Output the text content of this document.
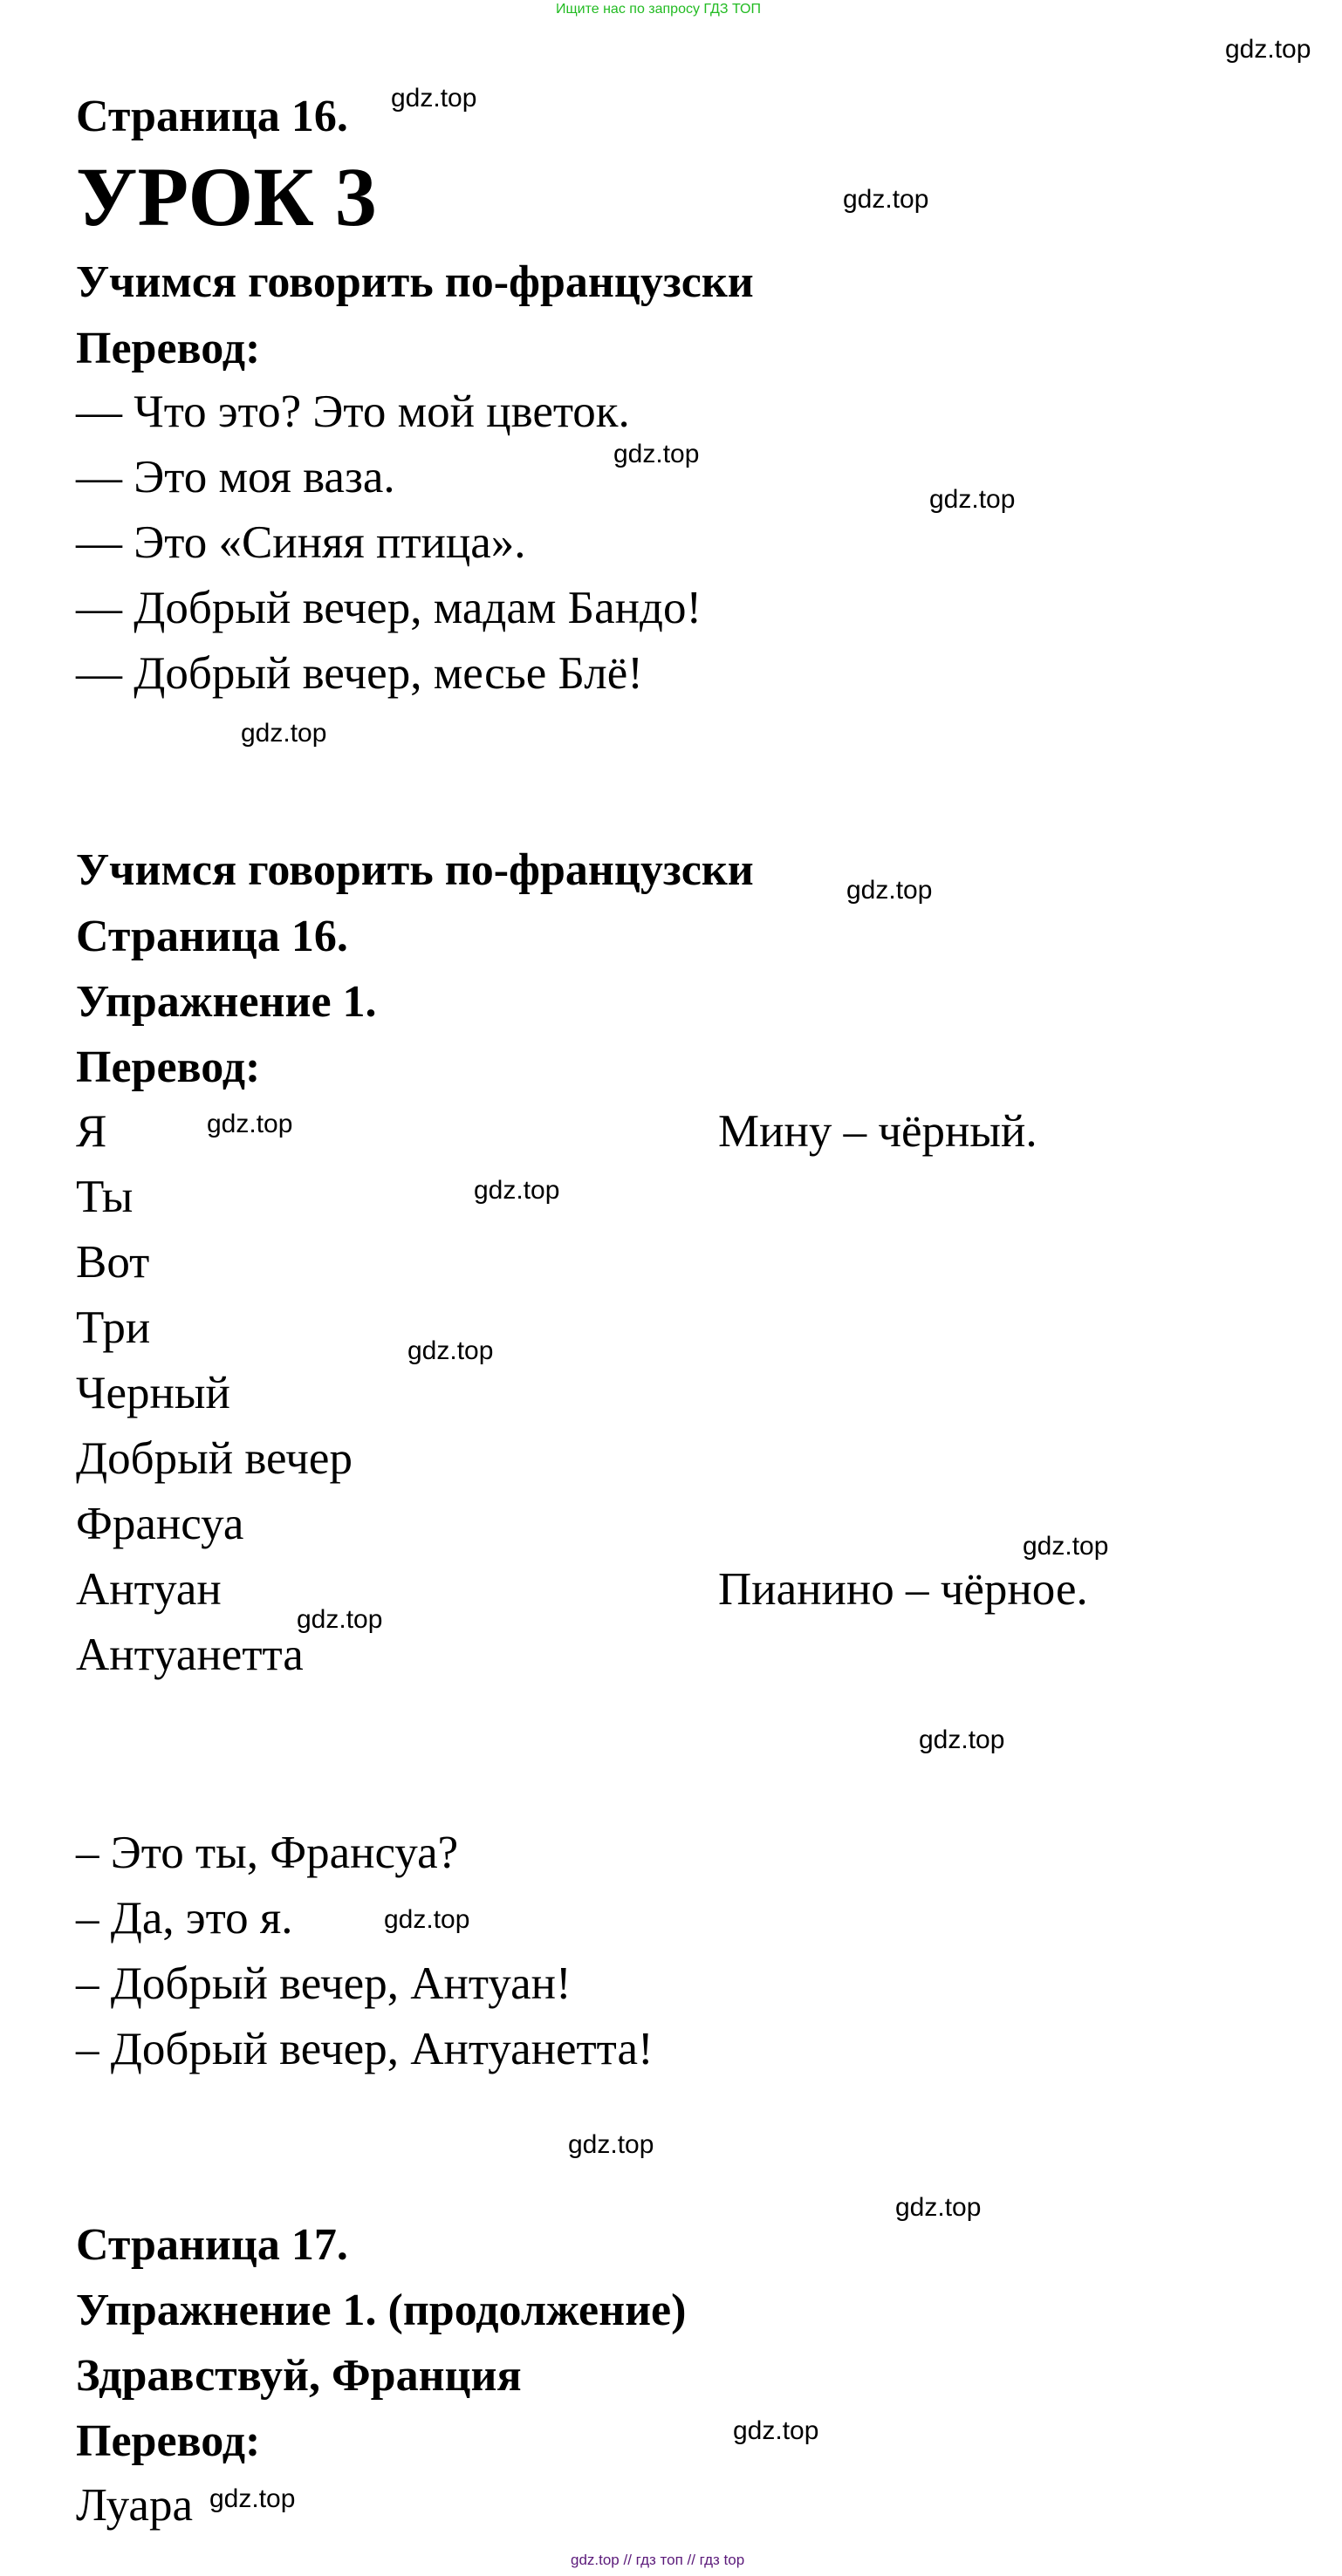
Ищите нас по запросу ГДЗ ТОП
gdz.top
gdz.top
gdz.top
gdz.top
gdz.top
gdz.top
gdz.top
gdz.top
gdz.top
gdz.top
gdz.top
gdz.top
gdz.top
gdz.top
gdz.top
gdz.top
gdz.top
gdz.top
Страница 16.
УРОК 3
Учимся говорить по-французски
Перевод:
— Что это? Это мой цветок.
— Это моя ваза.
— Это «Синяя птица».
— Добрый вечер, мадам Бандо!
— Добрый вечер, месье Блё!
Учимся говорить по-французски
Страница 16.
Упражнение 1.
Перевод:
Я
Ты
Вот
Три
Черный
Добрый вечер
Франсуа
Антуан
Антуанетта
Мину – чёрный.
Пианино – чёрное.
– Это ты, Франсуа?
– Да, это я.
– Добрый вечер, Антуан!
– Добрый вечер, Антуанетта!
Страница 17.
Упражнение 1. (продолжение)
Здравствуй, Франция
Перевод:
Луара
gdz.top // гдз топ // гдз top
